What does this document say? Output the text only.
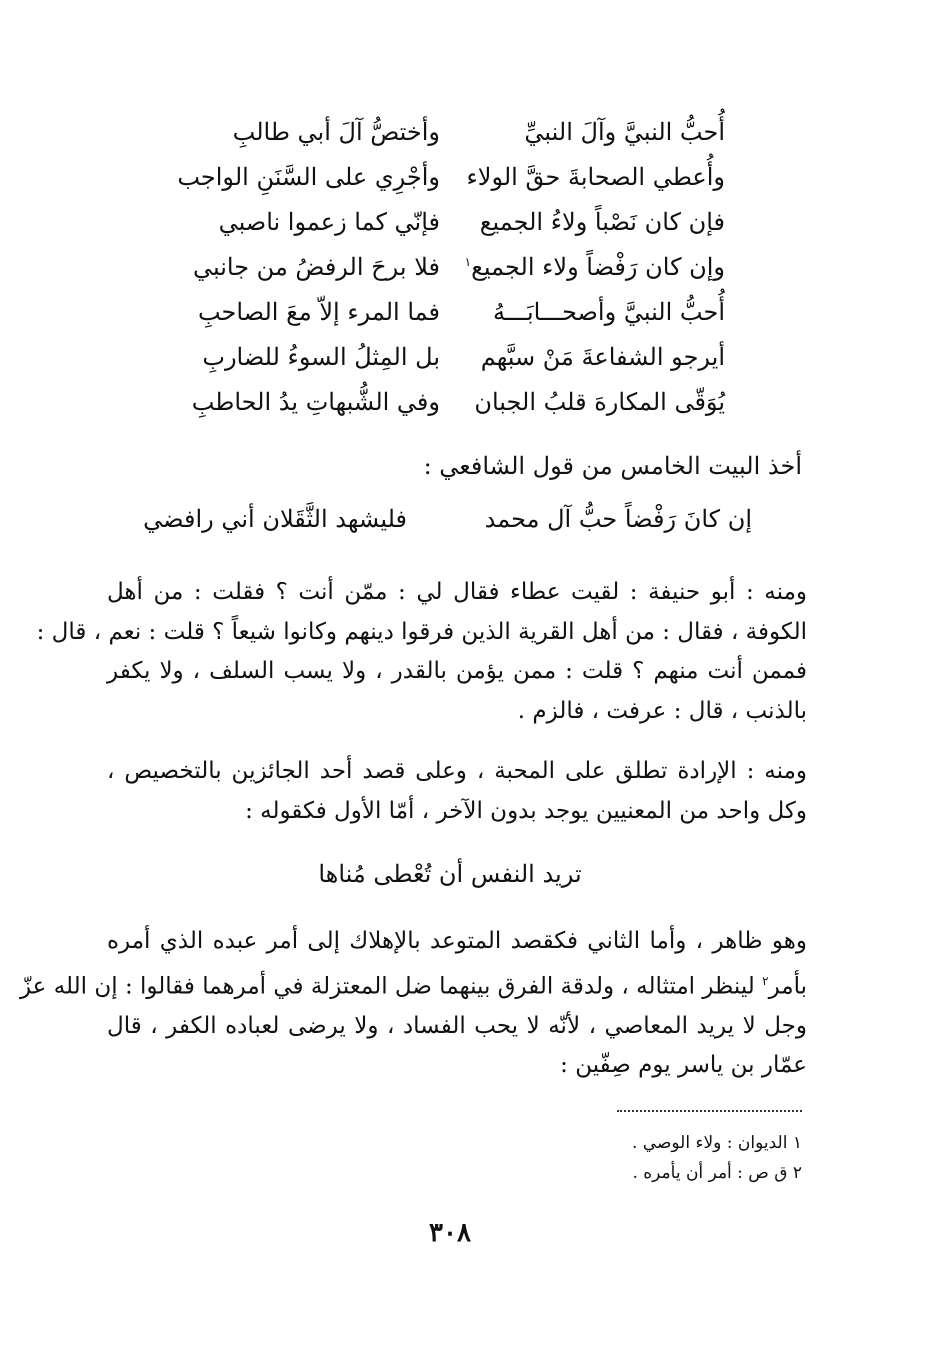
أُحبُّ النبيَّ وآلَ النبيِّ
وأختصُّ آلَ أبي طالبِ
وأُعطي الصحابةَ حقَّ الولاء
وأجْرِي على السَّنَنِ الواجب
فإن كان نَصْباً ولاءُ الجميع
فإنّي كما زعموا ناصبي
وإن كان رَفْضاً ولاء الجميع$^١$
فلا برحَ الرفضُ من جانبي
أُحبُّ النبيَّ وأصحـــابَـــهُ
فما المرء إلاّ معَ الصاحبِ
أيرجو الشفاعةَ مَنْ سبَّهم
بل المِثلُ السوءُ للضاربِ
يُوَقّى المكارهَ قلبُ الجبان
وفي الشُّبهاتِ يدُ الحاطبِ
أخذ البيت الخامس من قول الشافعي :
إن كانَ رَفْضاً حبُّ آل محمد
فليشهد الثَّقَلان أني رافضي
ومنه : أبو حنيفة : لقيت عطاء فقال لي : ممّن أنت ؟ فقلت : من أهل
الكوفة ، فقال : من أهل القرية الذين فرقوا دينهم وكانوا شيعاً ؟ قلت : نعم ، قال :
فممن أنت منهم ؟ قلت : ممن يؤمن بالقدر ، ولا يسب السلف ، ولا يكفر
بالذنب ، قال : عرفت ، فالزم .
ومنه : الإرادة تطلق على المحبة ، وعلى قصد أحد الجائزين بالتخصيص ،
وكل واحد من المعنيين يوجد بدون الآخر ، أمّا الأول فكقوله :
تريد النفس أن تُعْطى مُناها
وهو ظاهر ، وأما الثاني فكقصد المتوعد بالإهلاك إلى أمر عبده الذي أمره
بأمر$^٢$ لينظر امتثاله ، ولدقة الفرق بينهما ضل المعتزلة في أمرهما فقالوا : إن الله عزّ
وجل لا يريد المعاصي ، لأنّه لا يحب الفساد ، ولا يرضى لعباده الكفر ، قال
عمّار بن ياسر يوم صِفّين :
١ الديوان : ولاء الوصي .
٢ ق ص : أمر أن يأمره .
٣٠٨
